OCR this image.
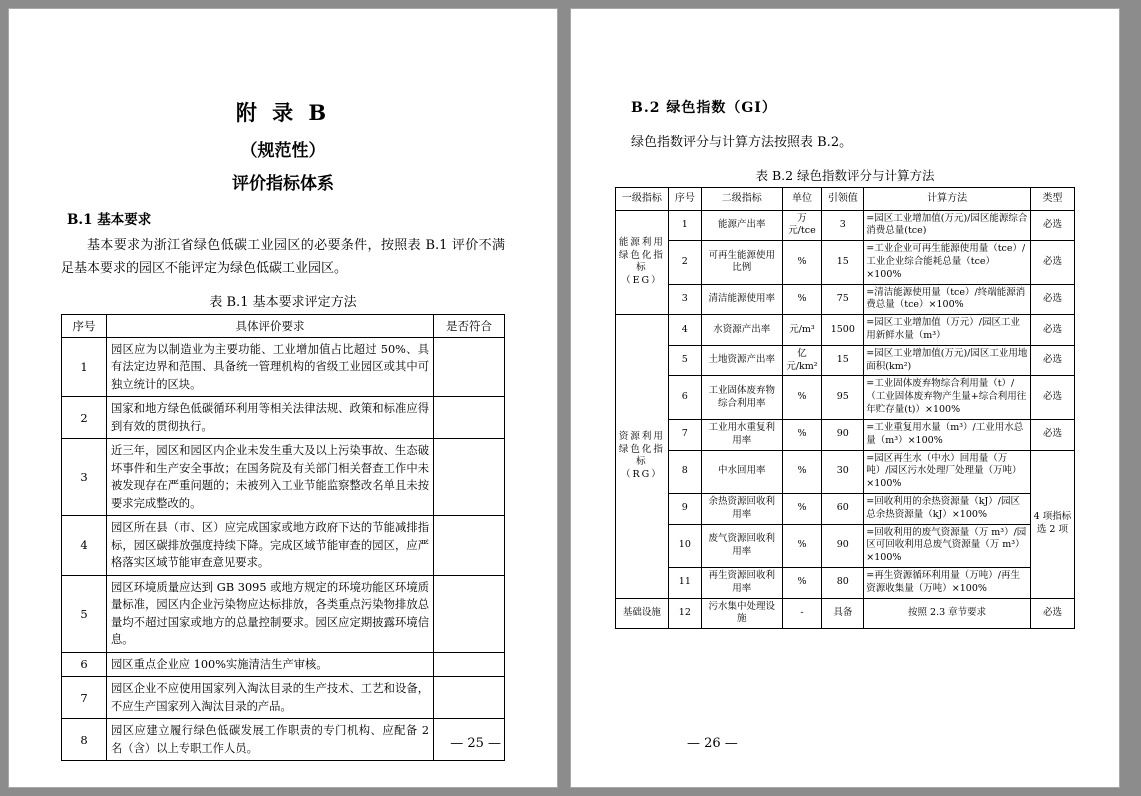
附 录 B
（规范性）
评价指标体系
B.1 基本要求
基本要求为浙江省绿色低碳工业园区的必要条件，按照表 B.1 评价不满足基本要求的园区不能评定为绿色低碳工业园区。
表 B.1 基本要求评定方法
序号	具体评价要求	是否符合
1	园区应为以制造业为主要功能、工业增加值占比超过 50%、具有法定边界和范围、具备统一管理机构的省级工业园区或其中可独立统计的区块。	
2	国家和地方绿色低碳循环利用等相关法律法规、政策和标准应得到有效的贯彻执行。	
3	近三年，园区和园区内企业未发生重大及以上污染事故、生态破坏事件和生产安全事故；在国务院及有关部门相关督查工作中未被发现存在严重问题的；未被列入工业节能监察整改名单且未按要求完成整改的。	
4	园区所在县（市、区）应完成国家或地方政府下达的节能减排指标，园区碳排放强度持续下降。完成区域节能审查的园区，应严格落实区域节能审查意见要求。	
5	园区环境质量应达到 GB 3095 或地方规定的环境功能区环境质量标准，园区内企业污染物应达标排放，各类重点污染物排放总量均不超过国家或地方的总量控制要求。园区应定期披露环境信息。	
6	园区重点企业应 100%实施清洁生产审核。	
7	园区企业不应使用国家列入淘汰目录的生产技术、工艺和设备，不应生产国家列入淘汰目录的产品。	
8	园区应建立履行绿色低碳发展工作职责的专门机构、应配备 2 名（含）以上专职工作人员。		— 25 —
B.2 绿色指数（GI）
绿色指数评分与计算方法按照表 B.2。
表 B.2 绿色指数评分与计算方法
一级指标	序号	二级指标	单位	引领值	计算方法	类型
能源利用绿色化指标（EG）	1	能源产出率	万元/tce	3	=园区工业增加值(万元)/园区能源综合消费总量(tce)	必选
	2	可再生能源使用比例	%	15	=工业企业可再生能源使用量（tce）/工业企业综合能耗总量（tce）×100%	必选
	3	清洁能源使用率	%	75	=清洁能源使用量（tce）/终端能源消费总量（tce）×100%	必选
资源利用绿色化指标（RG）	4	水资源产出率	元/m³	1500	=园区工业增加值（万元）/园区工业用新鲜水量（m³）	必选
	5	土地资源产出率	亿元/km²	15	=园区工业增加值(万元)/园区工业用地面积(km²)	必选
	6	工业固体废弃物综合利用率	%	95	=工业固体废弃物综合利用量（t）/（工业固体废弃物产生量+综合利用往年贮存量(t)）×100%	必选
	7	工业用水重复利用率	%	90	=工业重复用水量（m³）/工业用水总量（m³）×100%	必选
	8	中水回用率	%	30	=园区再生水（中水）回用量（万吨）/园区污水处理厂处理量（万吨）×100%	4 项指标选 2 项
	9	余热资源回收利用率	%	60	=回收利用的余热资源量（kJ）/园区总余热资源量（kJ）×100%	
	10	废气资源回收利用率	%	90	=回收利用的废气资源量（万 m³）/园区可回收利用总废气资源量（万 m³）×100%	
	11	再生资源回收利用率	%	80	=再生资源循环利用量（万吨）/再生资源收集量（万吨）×100%	
基础设施	12	污水集中处理设施	-	具备	按照 2.3 章节要求	必选
— 26 —
